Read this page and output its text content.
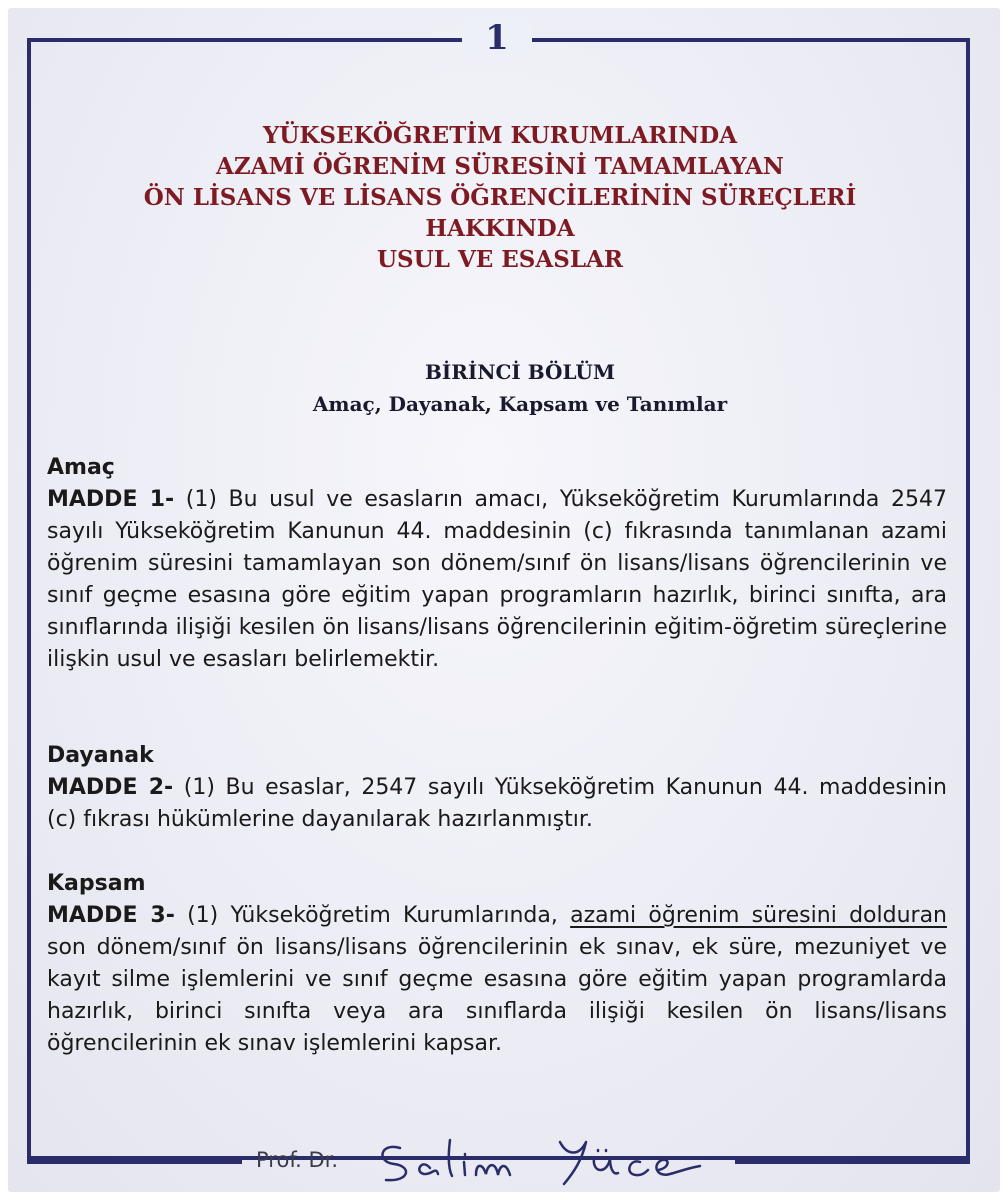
1
YÜKSEKÖĞRETİM KURUMLARINDA
AZAMİ ÖĞRENİM SÜRESİNİ TAMAMLAYAN
ÖN LİSANS VE LİSANS ÖĞRENCİLERİNİN SÜREÇLERİ
HAKKINDA
USUL VE ESASLAR
BİRİNCİ BÖLÜM
Amaç, Dayanak, Kapsam ve Tanımlar
Amaç
MADDE 1- (1) Bu usul ve esasların amacı, Yükseköğretim Kurumlarında 2547 sayılı Yükseköğretim Kanunun 44. maddesinin (c) fıkrasında tanımlanan azami öğrenim süresini tamamlayan son dönem/sınıf ön lisans/lisans öğrencilerinin ve sınıf geçme esasına göre eğitim yapan programların hazırlık, birinci sınıfta, ara sınıflarında ilişiği kesilen ön lisans/lisans öğrencilerinin eğitim-öğretim süreçlerine ilişkin usul ve esasları belirlemektir.
Dayanak
MADDE 2- (1) Bu esaslar, 2547 sayılı Yükseköğretim Kanunun 44. maddesinin (c) fıkrası hükümlerine dayanılarak hazırlanmıştır.
Kapsam
MADDE 3- (1) Yükseköğretim Kurumlarında, azami öğrenim süresini dolduran son dönem/sınıf ön lisans/lisans öğrencilerinin ek sınav, ek süre, mezuniyet ve kayıt silme işlemlerini ve sınıf geçme esasına göre eğitim yapan programlarda hazırlık, birinci sınıfta veya ara sınıflarda ilişiği kesilen ön lisans/lisans öğrencilerinin ek sınav işlemlerini kapsar.
Prof. Dr.
